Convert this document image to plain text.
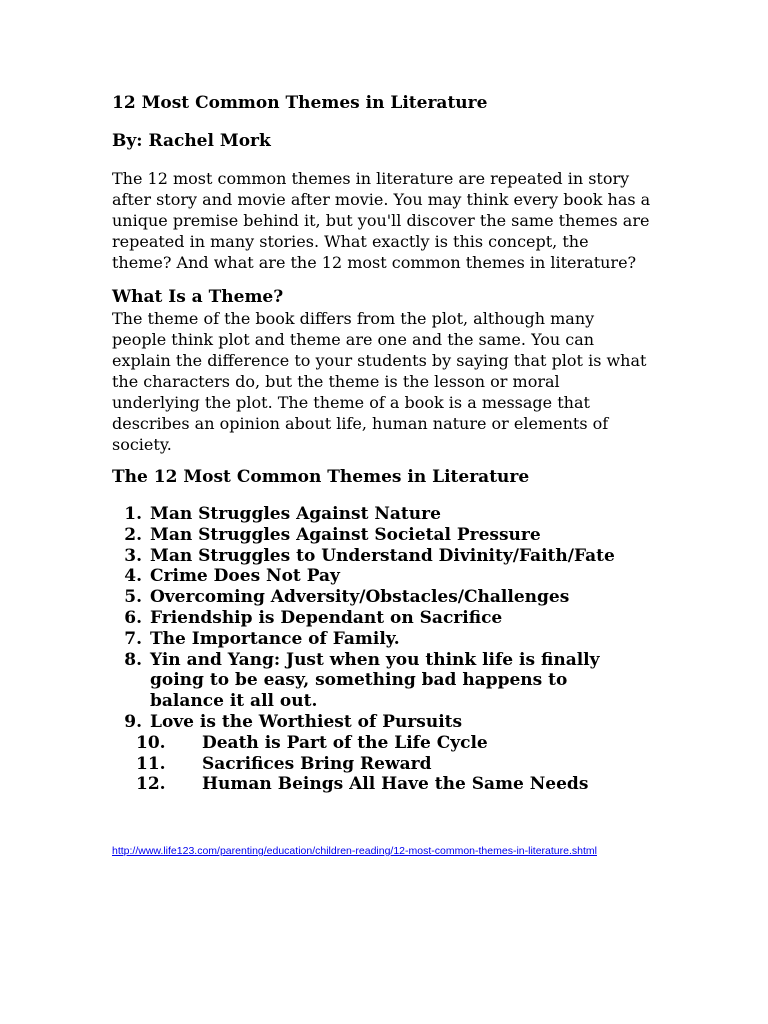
12 Most Common Themes in Literature
By: Rachel Mork

The 12 most common themes in literature are repeated in story after story and movie after movie. You may think every book has a unique premise behind it, but you'll discover the same themes are repeated in many stories. What exactly is this concept, the theme? And what are the 12 most common themes in literature?

What Is a Theme?

The theme of the book differs from the plot, although many people think plot and theme are one and the same. You can explain the difference to your students by saying that plot is what the characters do, but the theme is the lesson or moral underlying the plot. The theme of a book is a message that describes an opinion about life, human nature or elements of society.

The 12 Most Common Themes in Literature
1. Man Struggles Against Nature
2. Man Struggles Against Societal Pressure
3. Man Struggles to Understand Divinity/Faith/Fate
4. Crime Does Not Pay
5. Overcoming Adversity/Obstacles/Challenges
6. Friendship is Dependant on Sacrifice
7. The Importance of Family.
8. Yin and Yang: Just when you think life is finally going to be easy, something bad happens to balance it all out.
9. Love is the Worthiest of Pursuits
10.	Death is Part of the Life Cycle
11.	Sacrifices Bring Reward
12.	Human Beings All Have the Same Needs
http://www.life123.com/parenting/education/children-reading/12-most-common-themes-in-literature.shtml
